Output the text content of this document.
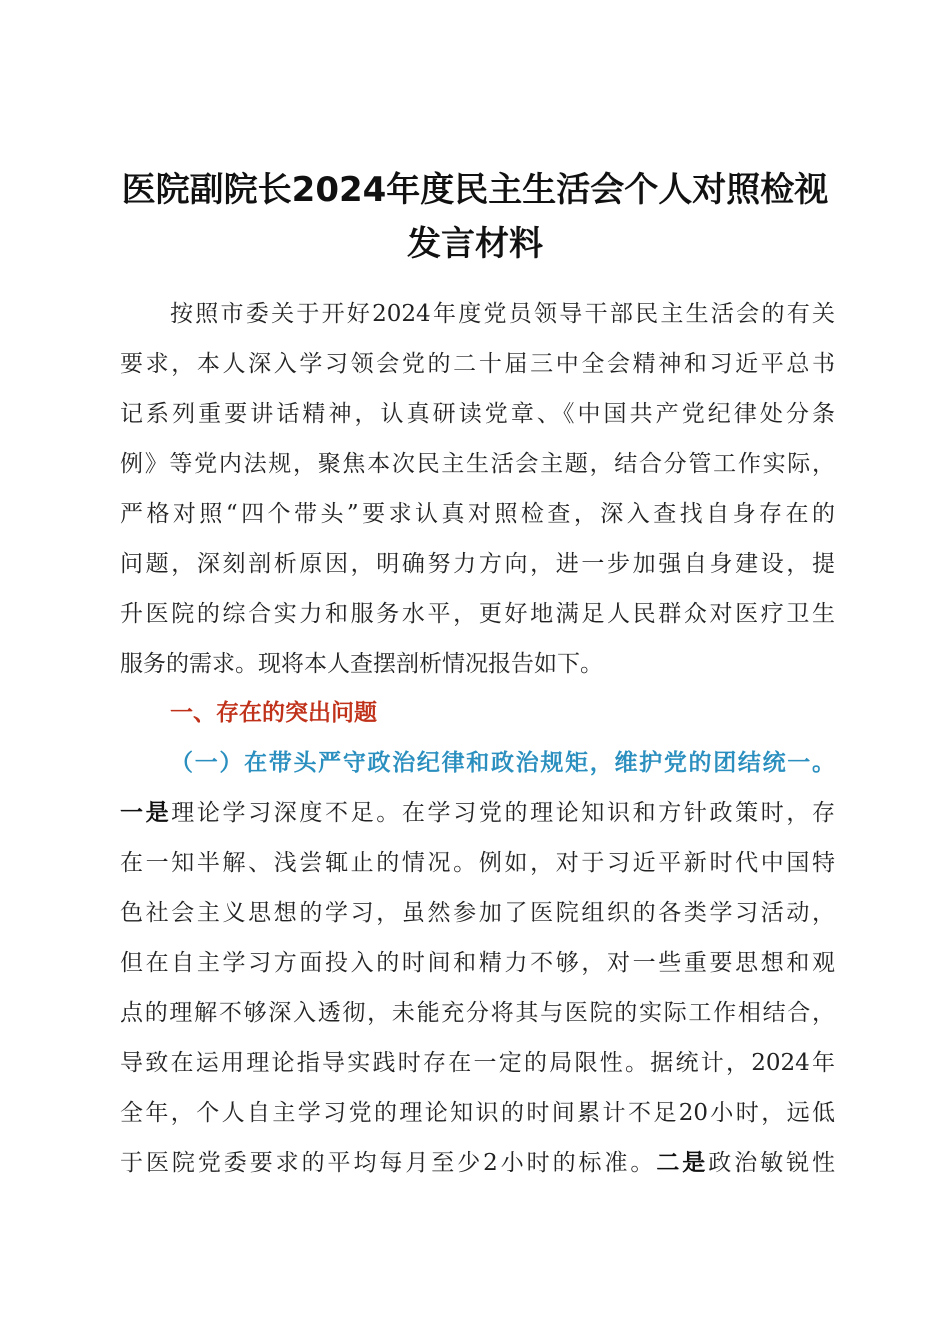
医院副院长2024年度民主生活会个人对照检视
发言材料

按照市委关于开好2024年度党员领导干部民主生活会的有关

要求，本人深入学习领会党的二十届三中全会精神和习近平总书

记系列重要讲话精神，认真研读党章、《中国共产党纪律处分条

例》等党内法规，聚焦本次民主生活会主题，结合分管工作实际，

严格对照“四个带头”要求认真对照检查，深入查找自身存在的

问题，深刻剖析原因，明确努力方向，进一步加强自身建设，提

升医院的综合实力和服务水平，更好地满足人民群众对医疗卫生

服务的需求。现将本人查摆剖析情况报告如下。

一、存在的突出问题
（一）在带头严守政治纪律和政治规矩，维护党的团结统一。

一是理论学习深度不足。在学习党的理论知识和方针政策时，存

在一知半解、浅尝辄止的情况。例如，对于习近平新时代中国特

色社会主义思想的学习，虽然参加了医院组织的各类学习活动，

但在自主学习方面投入的时间和精力不够，对一些重要思想和观

点的理解不够深入透彻，未能充分将其与医院的实际工作相结合，

导致在运用理论指导实践时存在一定的局限性。据统计，2024年

全年，个人自主学习党的理论知识的时间累计不足20小时，远低

于医院党委要求的平均每月至少2小时的标准。二是政治敏锐性
